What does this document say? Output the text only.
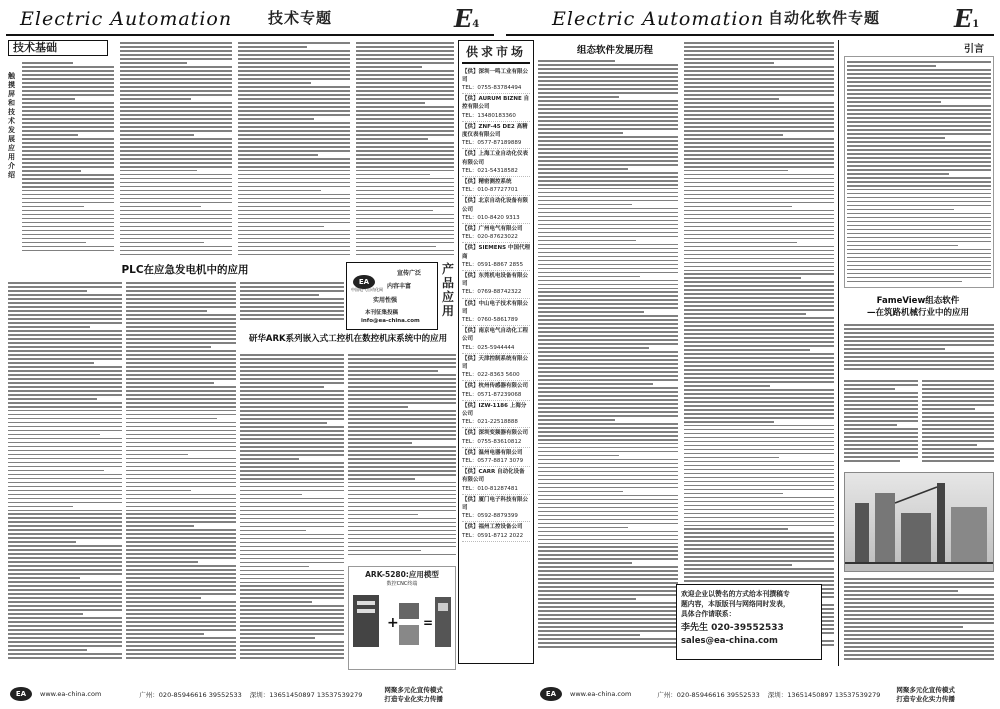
Electric Automation 技术专题	E4
技术基础
触摸屏和技术发展应用介绍
PLC在应急发电机中的应用
EA
中国电气自动化网
宣传广泛
内容丰富
实用性强
本刊征集投稿
info@ea-china.com
产品应用
研华ARK系列嵌入式工控机在数控机床系统中的应用
ARK-5280:应用模型
数控CNC终端
+ =
EA	www.ea-china.com	广州：020-85946616 39552533 深圳：13651450897 13537539279
网聚多元化宣传模式
打造专业化实力传播
供求市场
【供】深圳一鸣工业有限公司
TEL：0755-83784494
【供】AURUM BIZNE 自控有限公司
TEL：13480183360
【供】ZNF-45 DE2 高精度仪表有限公司
TEL：0577-87189889
【供】上海工业自动化仪表有限公司
TEL：021-54318582
【供】精密测控系统
TEL：010-87727701
【供】北京自动化设备有限公司
TEL：010-8420 9313
【供】广州电气有限公司
TEL：020-87623022
【供】SIEMENS 中国代理商
TEL：0591-8867 2855
【供】东莞机电设备有限公司
TEL：0769-88742322
【供】中山电子技术有限公司
TEL：0760-5861789
【供】南京电气自动化工程公司
TEL：025-5944444
【供】天津控制系统有限公司
TEL：022-8363 5600
【供】杭州传感器有限公司
TEL：0571-87239068
【供】IZW-1186 上海分公司
TEL：021-22518888
【供】深圳变频器有限公司
TEL：0755-83610812
【供】温州电器有限公司
TEL：0577-8817 3079
【供】CARR 自动化设备有限公司
TEL：010-81287481
【供】厦门电子科技有限公司
TEL：0592-8879399
【供】福州工控设备公司
TEL：0591-8712 2022
Electric Automation 自动化软件专题	E1
组态软件发展历程	引言
FameView组态软件
—在筑路机械行业中的应用
欢迎企业以赞名的方式给本刊撰稿专
题内容，本版版刊与网络同时发表，
具体合作请联系：
李先生 020-39552533
sales@ea-china.com
EA	www.ea-china.com	广州：020-85946616 39552533 深圳：13651450897 13537539279
网聚多元化宣传模式
打造专业化实力传播
